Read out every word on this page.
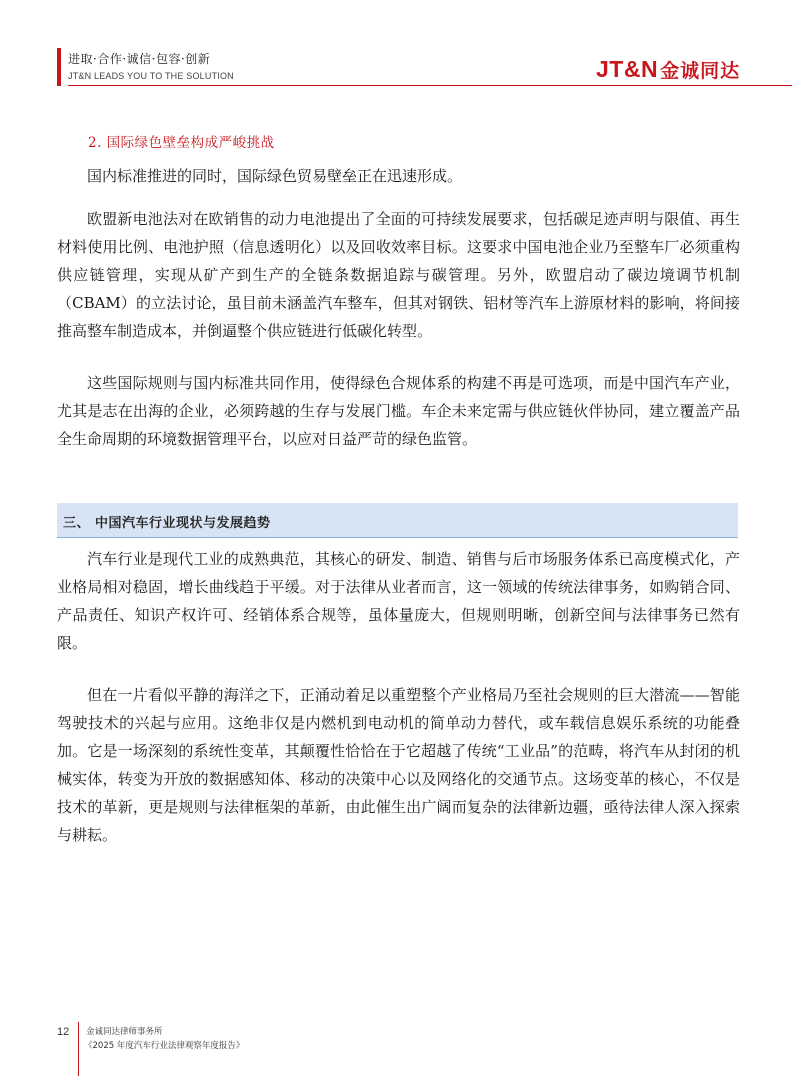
进取·合作·诚信·包容·创新
JT&N LEADS YOU TO THE SOLUTION	JT&N 金诚同达
2. 国际绿色壁垒构成严峻挑战

国内标准推进的同时，国际绿色贸易壁垒正在迅速形成。

欧盟新电池法对在欧销售的动力电池提出了全面的可持续发展要求，包括碳足迹声明与限值、再生材料使用比例、电池护照（信息透明化）以及回收效率目标。这要求中国电池企业乃至整车厂必须重构供应链管理，实现从矿产到生产的全链条数据追踪与碳管理。另外，欧盟启动了碳边境调节机制（CBAM）的立法讨论，虽目前未涵盖汽车整车，但其对钢铁、铝材等汽车上游原材料的影响，将间接推高整车制造成本，并倒逼整个供应链进行低碳化转型。

这些国际规则与国内标准共同作用，使得绿色合规体系的构建不再是可选项，而是中国汽车产业，尤其是志在出海的企业，必须跨越的生存与发展门槛。车企未来定需与供应链伙伴协同，建立覆盖产品全生命周期的环境数据管理平台，以应对日益严苛的绿色监管。

三、 中国汽车行业现状与发展趋势

汽车行业是现代工业的成熟典范，其核心的研发、制造、销售与后市场服务体系已高度模式化，产业格局相对稳固，增长曲线趋于平缓。对于法律从业者而言，这一领域的传统法律事务，如购销合同、产品责任、知识产权许可、经销体系合规等，虽体量庞大，但规则明晰，创新空间与法律事务已然有限。

但在一片看似平静的海洋之下，正涌动着足以重塑整个产业格局乃至社会规则的巨大潜流——智能驾驶技术的兴起与应用。这绝非仅是内燃机到电动机的简单动力替代，或车载信息娱乐系统的功能叠加。它是一场深刻的系统性变革，其颠覆性恰恰在于它超越了传统“工业品”的范畴，将汽车从封闭的机械实体，转变为开放的数据感知体、移动的决策中心以及网络化的交通节点。这场变革的核心，不仅是技术的革新，更是规则与法律框架的革新，由此催生出广阔而复杂的法律新边疆，亟待法律人深入探索与耕耘。

12 金诚同达律师事务所
《2025 年度汽车行业法律观察年度报告》
